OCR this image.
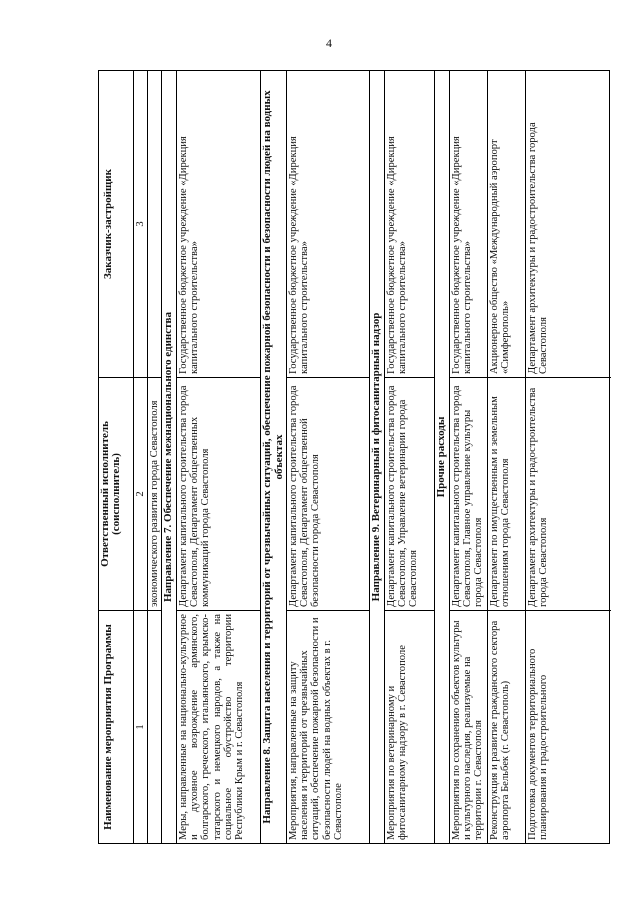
4
Наименование мероприятия Программы
Ответственный исполнитель (соисполнитель)
Заказчик-застройщик
1
2
3
экономического развития города Севастополя Направление 7. Обеспечение межнационального единства
Меры, направленные на национально-культурное и духовное возрождение армянского, болгарского, греческого, итальянского, крымско-татарского и немецкого народов, а также на социальное обустройство территории Республики Крым и г. Севастополя
Департамент капитального строительства города Севастополя, Департамент общественных коммуникаций города Севастополя
Государственное бюджетное учреждение «Дирекция капитального строительства»	Направление 8. Защита населения и территорий от чрезвычайных ситуаций, обеспечение пожарной безопасности и безопасности людей на водных объектах
Мероприятия, направленные на защиту населения и территорий от чрезвычайных ситуаций, обеспечение пожарной безопасности и безопасности людей на водных объектах в г. Севастополе
Департамент капитального строительства города Севастополя, Департамент общественной безопасности города Севастополя
Государственное бюджетное учреждение «Дирекция капитального строительства»
Направление 9. Ветеринарный и фитосанитарный надзор
Мероприятия по ветеринарному и фитосанитарному надзору в г. Севастополе
Департамент капитального строительства города Севастополя, Управление ветеринарии города Севастополя
Государственное бюджетное учреждение «Дирекция капитального строительства»
Прочие расходы
Мероприятия по сохранению объектов культуры и культурного наследия, реализуемые на территории г. Севастополя
Департамент капитального строительства города Севастополя, Главное управление культуры города Севастополя
Государственное бюджетное учреждение «Дирекция капитального строительства»
Реконструкция и развитие гражданского сектора аэропорта Бельбек (г. Севастополь)
Департамент по имущественным и земельным отношениям города Севастополя
Акционерное общество «Международный аэропорт «Симферополь»
Подготовка документов территориального планирования и градостроительного
Департамент архитектуры и градостроительства города Севастополя
Департамент архитектуры и градостроительства города Севастополя
